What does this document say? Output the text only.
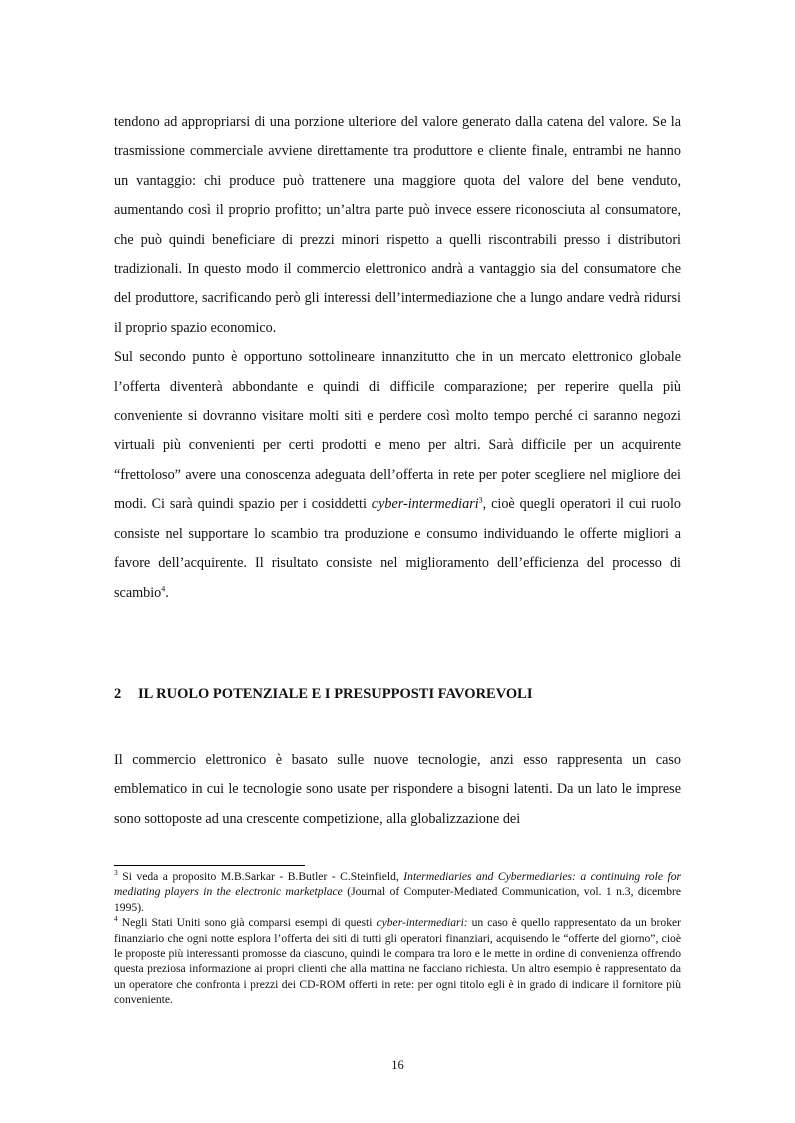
tendono ad appropriarsi di una porzione ulteriore del valore generato dalla catena del valore. Se la trasmissione commerciale avviene direttamente tra produttore e cliente finale, entrambi ne hanno un vantaggio: chi produce può trattenere una maggiore quota del valore del bene venduto, aumentando così il proprio profitto; un’altra parte può invece essere riconosciuta al consumatore, che può quindi beneficiare di prezzi minori rispetto a quelli riscontrabili presso i distributori tradizionali. In questo modo il commercio elettronico andrà a vantaggio sia del consumatore che del produttore, sacrificando però gli interessi dell’intermediazione che a lungo andare vedrà ridursi il proprio spazio economico.

Sul secondo punto è opportuno sottolineare innanzitutto che in un mercato elettronico globale l’offerta diventerà abbondante e quindi di difficile comparazione; per reperire quella più conveniente si dovranno visitare molti siti e perdere così molto tempo perché ci saranno negozi virtuali più convenienti per certi prodotti e meno per altri. Sarà difficile per un acquirente “frettoloso” avere una conoscenza adeguata dell’offerta in rete per poter scegliere nel migliore dei modi. Ci sarà quindi spazio per i cosiddetti cyber-intermediari$^3$, cioè quegli operatori il cui ruolo consiste nel supportare lo scambio tra produzione e consumo individuando le offerte migliori a favore dell’acquirente. Il risultato consiste nel miglioramento dell’efficienza del processo di scambio$^4$.

2 IL RUOLO POTENZIALE E I PRESUPPOSTI FAVOREVOLI

Il commercio elettronico è basato sulle nuove tecnologie, anzi esso rappresenta un caso emblematico in cui le tecnologie sono usate per rispondere a bisogni latenti. Da un lato le imprese sono sottoposte ad una crescente competizione, alla globalizzazione dei

$^3$ Si veda a proposito M.B.Sarkar - B.Butler - C.Steinfield, Intermediaries and Cybermediaries: a continuing role for mediating players in the electronic marketplace (Journal of Computer-Mediated Communication, vol. 1 n.3, dicembre 1995).

$^4$ Negli Stati Uniti sono già comparsi esempi di questi cyber-intermediari: un caso è quello rappresentato da un broker finanziario che ogni notte esplora l’offerta dei siti di tutti gli operatori finanziari, acquisendo le “offerte del giorno”, cioè le proposte più interessanti promosse da ciascuno, quindi le compara tra loro e le mette in ordine di convenienza offrendo questa preziosa informazione ai propri clienti che alla mattina ne facciano richiesta. Un altro esempio è rappresentato da un operatore che confronta i prezzi dei CD-ROM offerti in rete: per ogni titolo egli è in grado di indicare il fornitore più conveniente.

16
